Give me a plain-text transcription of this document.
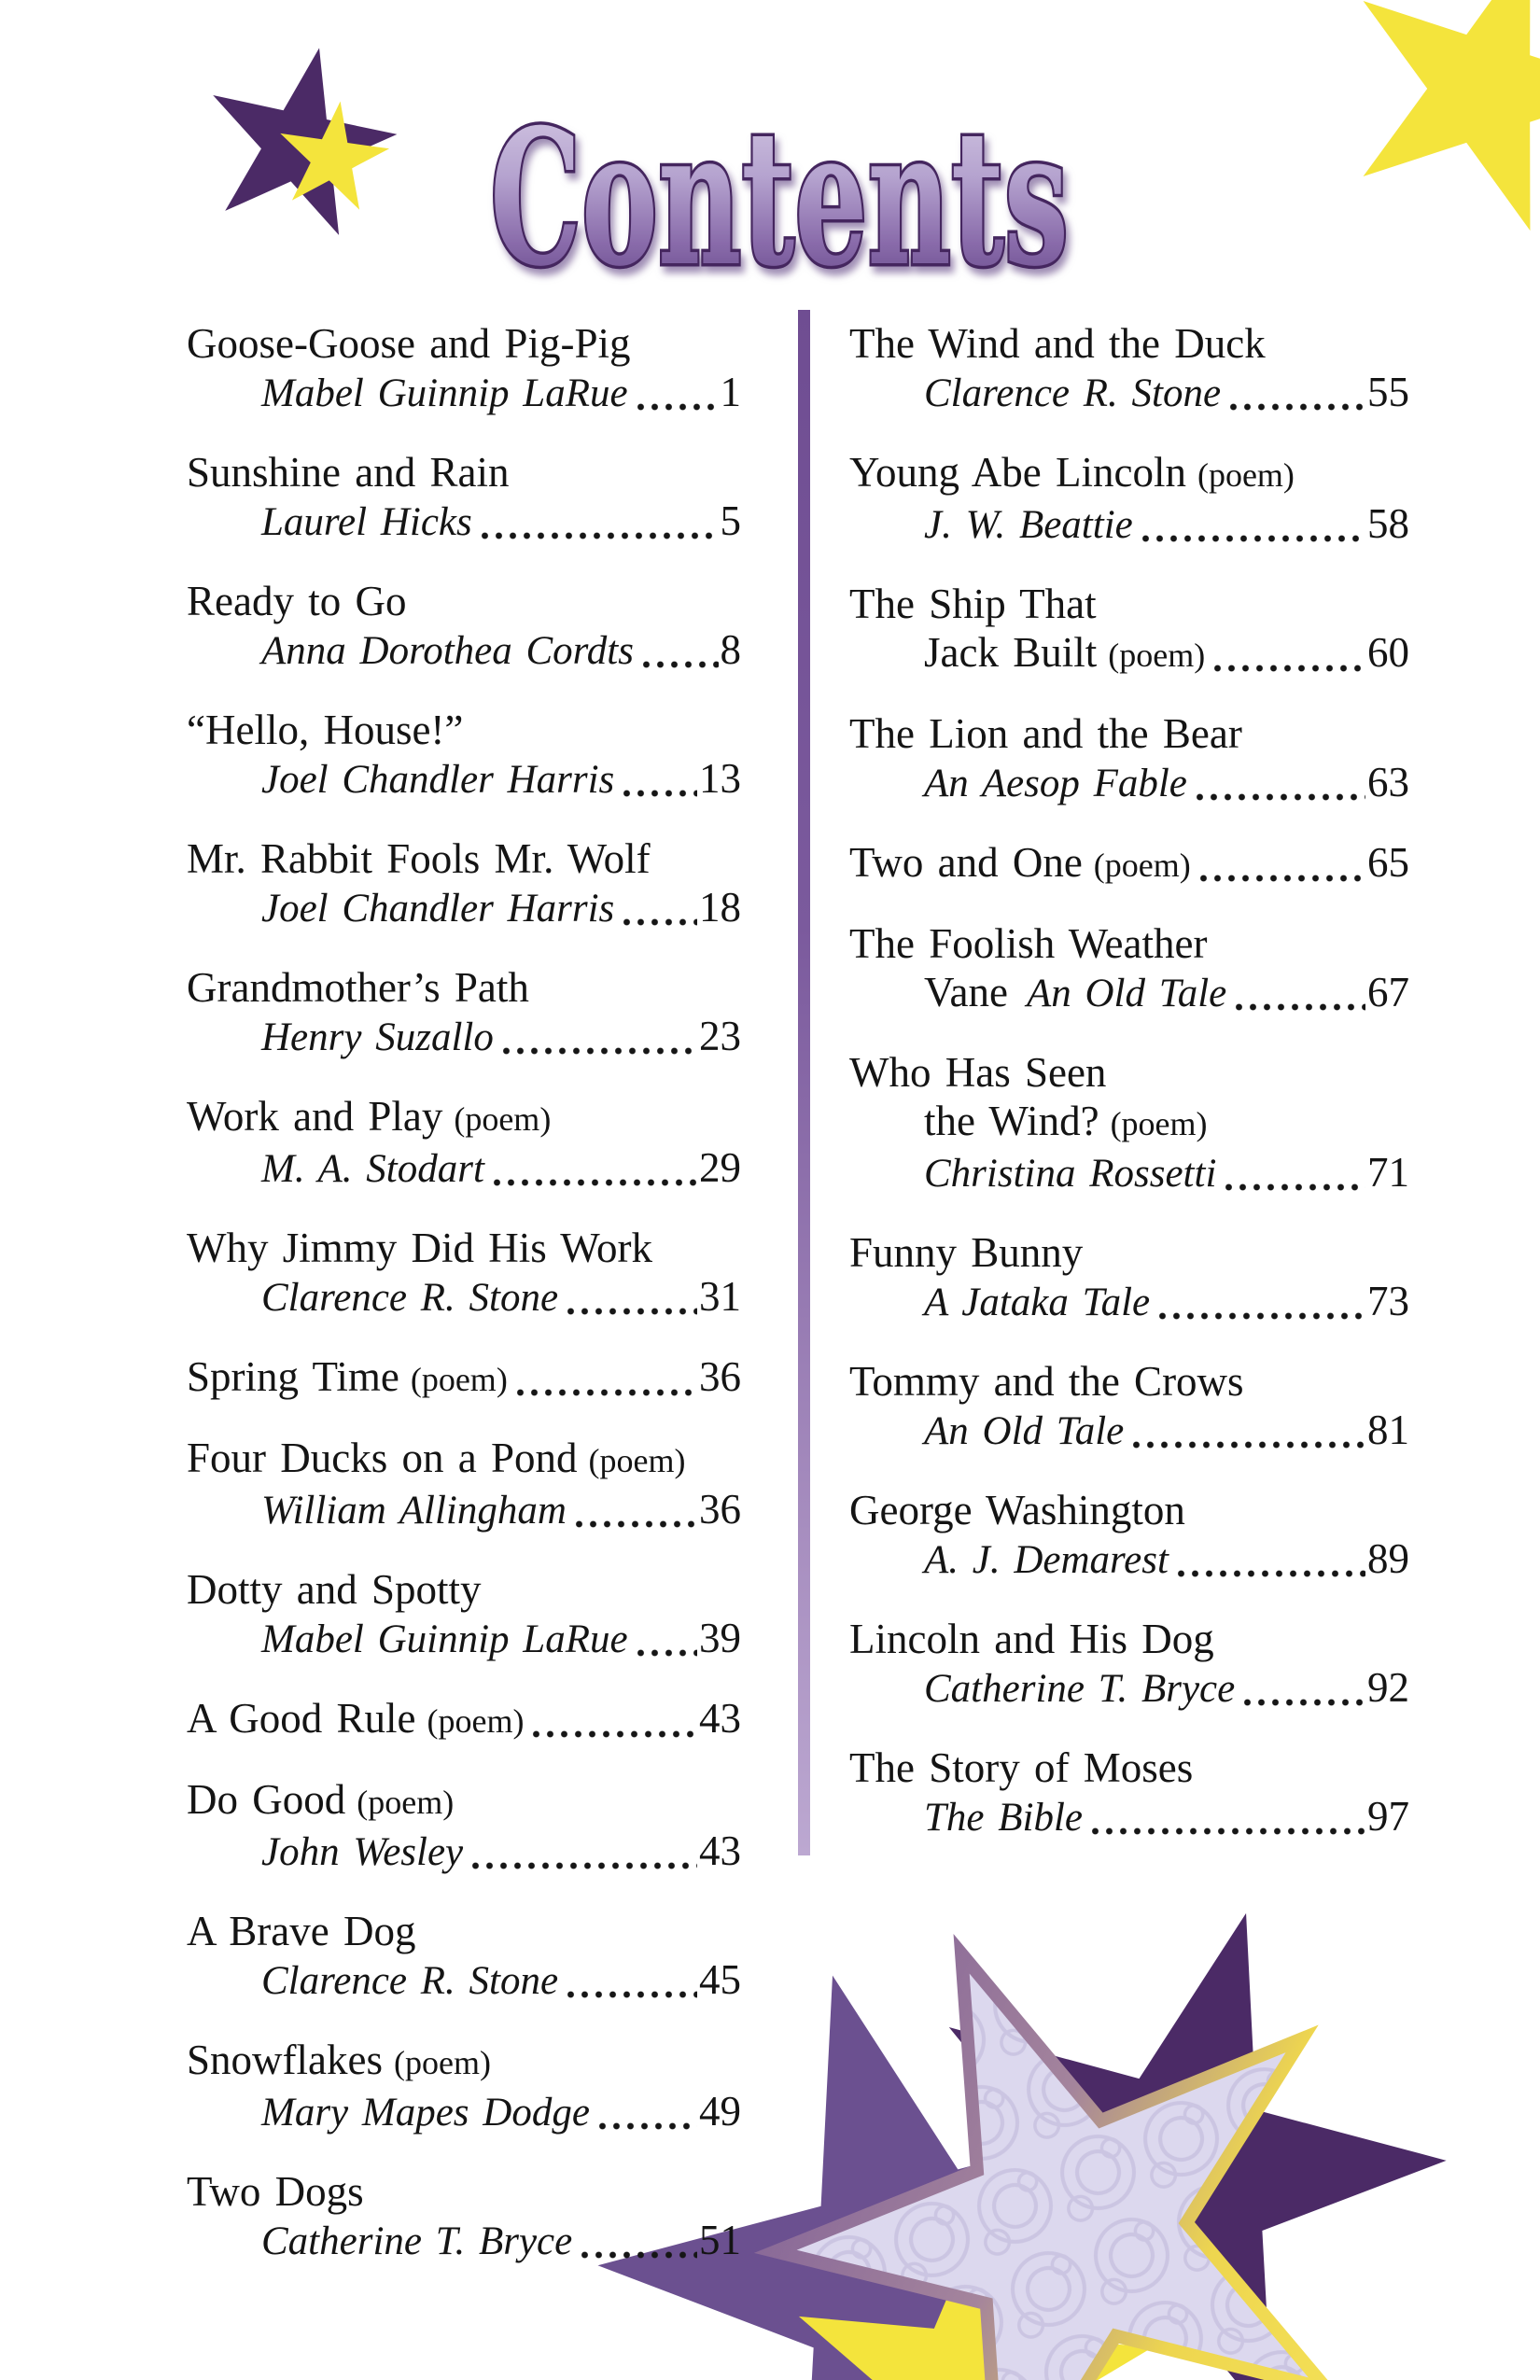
Contents
Goose-Goose and Pig-Pig
Mabel Guinnip LaRue 1
Sunshine and Rain
Laurel Hicks	5
Ready to Go
Anna Dorothea Cordts 8
“Hello, House!”
Joel Chandler Harris 13
Mr. Rabbit Fools Mr. Wolf
Joel Chandler Harris 18
Grandmother’s Path
Henry Suzallo	23
Work and Play (poem)
M. A. Stodart	29
Why Jimmy Did His Work
Clarence R. Stone	31
Spring Time (poem)	36
Four Ducks on a Pond (poem)
William Allingham	36
Dotty and Spotty
Mabel Guinnip LaRue 39
A Good Rule (poem)	43
Do Good (poem)
John Wesley	43
A Brave Dog
Clarence R. Stone	45
Snowflakes (poem)
Mary Mapes Dodge	49
Two Dogs
Catherine T. Bryce	51
The Wind and the Duck
Clarence R. Stone	55
Young Abe Lincoln (poem)
J. W. Beattie	58
The Ship That
Jack Built (poem)	60
The Lion and the Bear
An Aesop Fable	63
Two and One (poem)	65
The Foolish Weather
Vane An Old Tale	67
Who Has Seen
the Wind? (poem)
Christina Rossetti	71
Funny Bunny
A Jataka Tale	73
Tommy and the Crows
An Old Tale	81
George Washington
A. J. Demarest	89
Lincoln and His Dog
Catherine T. Bryce	92
The Story of Moses
The Bible	97
